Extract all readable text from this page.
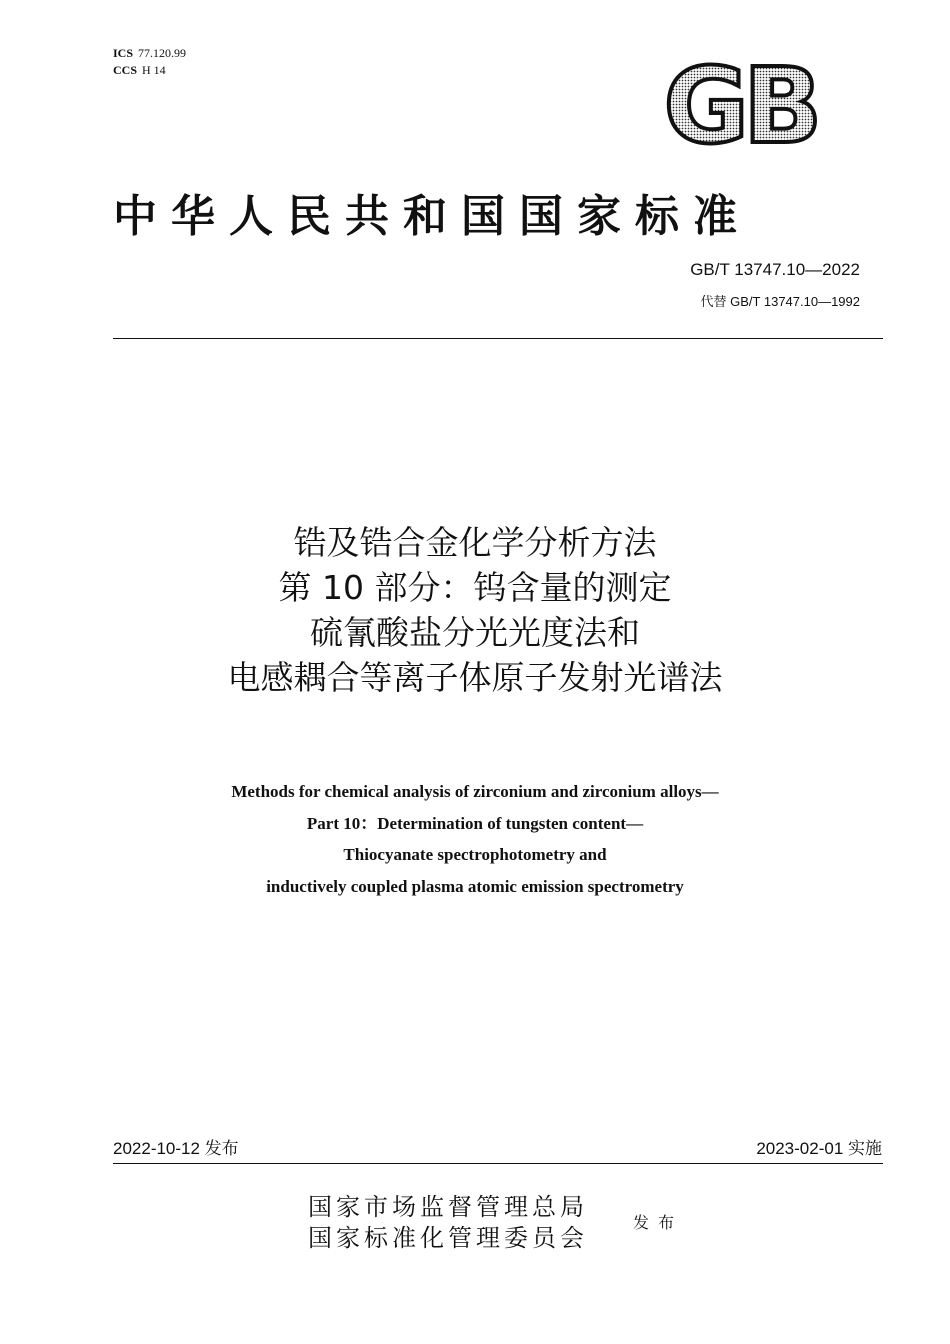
ICS 77.120.99
CCS H 14	GB
中华人民共和国国家标准
GB/T 13747.10—2022
代替 GB/T 13747.10—1992
锆及锆合金化学分析方法
第 10 部分：钨含量的测定
硫氰酸盐分光光度法和
电感耦合等离子体原子发射光谱法
Methods for chemical analysis of zirconium and zirconium alloys—
Part 10：Determination of tungsten content—
Thiocyanate spectrophotometry and
inductively coupled plasma atomic emission spectrometry
2022-10-12 发布	2023-02-01 实施
国家市场监督管理总局
国家标准化管理委员会
发布
